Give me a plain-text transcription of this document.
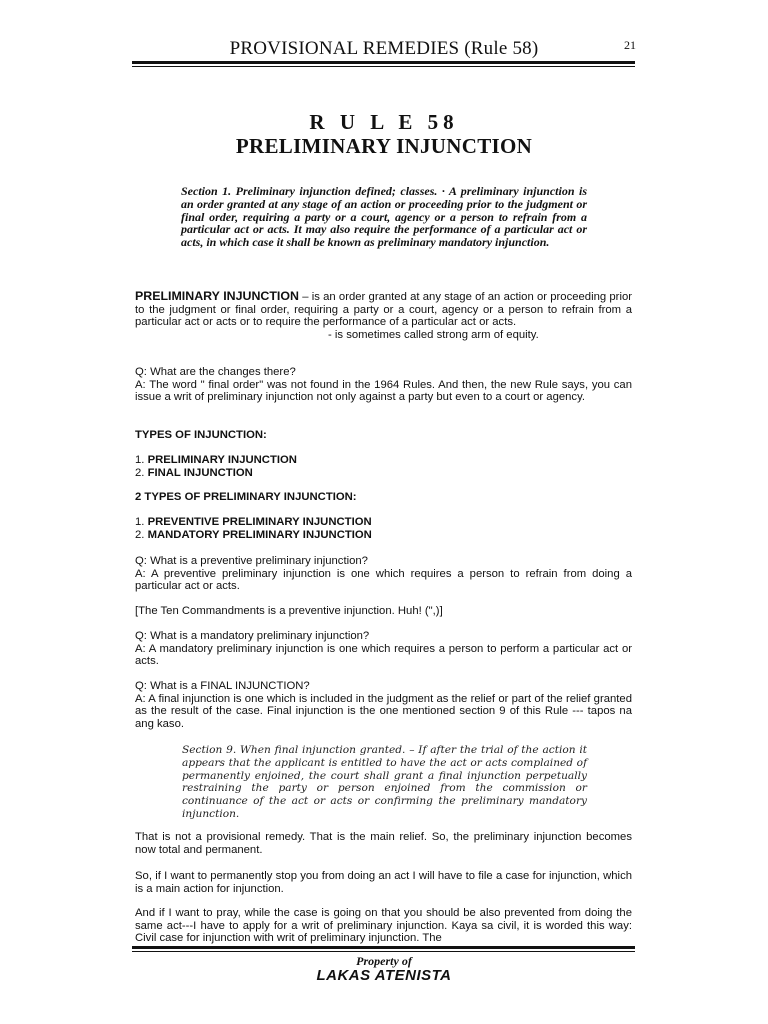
PROVISIONAL REMEDIES (Rule 58)	21
R U L E 58
PRELIMINARY INJUNCTION
Section 1. Preliminary injunction defined; classes. · A preliminary injunction is an order granted at any stage of an action or proceeding prior to the judgment or final order, requiring a party or a court, agency or a person to refrain from a particular act or acts. It may also require the performance of a particular act or acts, in which case it shall be known as preliminary mandatory injunction.

PRELIMINARY INJUNCTION – is an order granted at any stage of an action or proceeding prior to the judgment or final order, requiring a party or a court, agency or a person to refrain from a particular act or acts or to require the performance of a particular act or acts.

- is sometimes called strong arm of equity.

Q: What are the changes there?

A: The word " final order" was not found in the 1964 Rules. And then, the new Rule says, you can issue a writ of preliminary injunction not only against a party but even to a court or agency.

TYPES OF INJUNCTION:

1. PRELIMINARY INJUNCTION

2. FINAL INJUNCTION

2 TYPES OF PRELIMINARY INJUNCTION:

1. PREVENTIVE PRELIMINARY INJUNCTION

2. MANDATORY PRELIMINARY INJUNCTION

Q: What is a preventive preliminary injunction?

A: A preventive preliminary injunction is one which requires a person to refrain from doing a particular act or acts.

[The Ten Commandments is a preventive injunction. Huh! (",)]

Q: What is a mandatory preliminary injunction?

A: A mandatory preliminary injunction is one which requires a person to perform a particular act or acts.

Q: What is a FINAL INJUNCTION?

A: A final injunction is one which is included in the judgment as the relief or part of the relief granted as the result of the case. Final injunction is the one mentioned section 9 of this Rule --- tapos na ang kaso.

Section 9. When final injunction granted. – If after the trial of the action it appears that the applicant is entitled to have the act or acts complained of permanently enjoined, the court shall grant a final injunction perpetually restraining the party or person enjoined from the commission or continuance of the act or acts or confirming the preliminary mandatory injunction.

That is not a provisional remedy. That is the main relief. So, the preliminary injunction becomes now total and permanent.

So, if I want to permanently stop you from doing an act I will have to file a case for injunction, which is a main action for injunction.

And if I want to pray, while the case is going on that you should be also prevented from doing the same act---I have to apply for a writ of preliminary injunction. Kaya sa civil, it is worded this way: Civil case for injunction with writ of preliminary injunction. The

Property of
LAKAS ATENISTA
